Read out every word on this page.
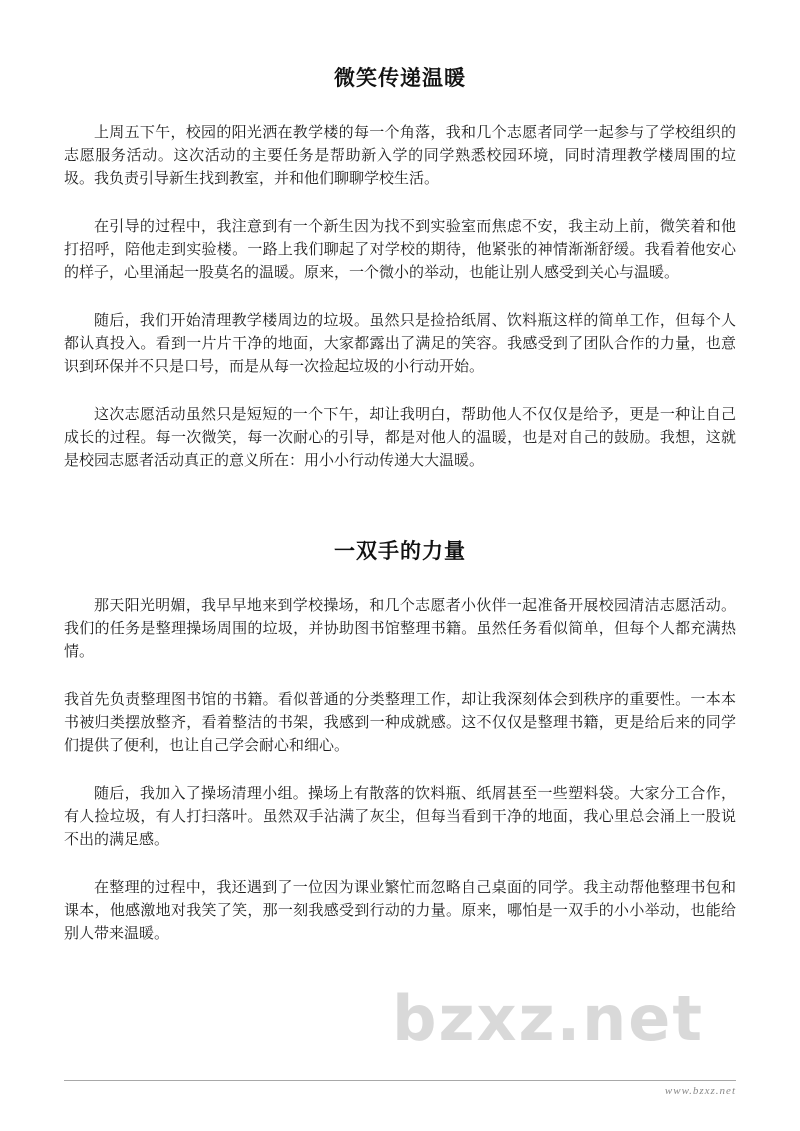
微笑传递温暖

上周五下午，校园的阳光洒在教学楼的每一个角落，我和几个志愿者同学一起参与了学校组织的志愿服务活动。这次活动的主要任务是帮助新入学的同学熟悉校园环境，同时清理教学楼周围的垃圾。我负责引导新生找到教室，并和他们聊聊学校生活。

在引导的过程中，我注意到有一个新生因为找不到实验室而焦虑不安，我主动上前，微笑着和他打招呼，陪他走到实验楼。一路上我们聊起了对学校的期待，他紧张的神情渐渐舒缓。我看着他安心的样子，心里涌起一股莫名的温暖。原来，一个微小的举动，也能让别人感受到关心与温暖。

随后，我们开始清理教学楼周边的垃圾。虽然只是捡拾纸屑、饮料瓶这样的简单工作，但每个人都认真投入。看到一片片干净的地面，大家都露出了满足的笑容。我感受到了团队合作的力量，也意识到环保并不只是口号，而是从每一次捡起垃圾的小行动开始。

这次志愿活动虽然只是短短的一个下午，却让我明白，帮助他人不仅仅是给予，更是一种让自己成长的过程。每一次微笑，每一次耐心的引导，都是对他人的温暖，也是对自己的鼓励。我想，这就是校园志愿者活动真正的意义所在：用小小行动传递大大温暖。

一双手的力量

那天阳光明媚，我早早地来到学校操场，和几个志愿者小伙伴一起准备开展校园清洁志愿活动。我们的任务是整理操场周围的垃圾，并协助图书馆整理书籍。虽然任务看似简单，但每个人都充满热情。

我首先负责整理图书馆的书籍。看似普通的分类整理工作，却让我深刻体会到秩序的重要性。一本本书被归类摆放整齐，看着整洁的书架，我感到一种成就感。这不仅仅是整理书籍，更是给后来的同学们提供了便利，也让自己学会耐心和细心。

随后，我加入了操场清理小组。操场上有散落的饮料瓶、纸屑甚至一些塑料袋。大家分工合作，有人捡垃圾，有人打扫落叶。虽然双手沾满了灰尘，但每当看到干净的地面，我心里总会涌上一股说不出的满足感。

在整理的过程中，我还遇到了一位因为课业繁忙而忽略自己桌面的同学。我主动帮他整理书包和课本，他感激地对我笑了笑，那一刻我感受到行动的力量。原来，哪怕是一双手的小小举动，也能给别人带来温暖。

bzxz.net
www.bzxz.net
